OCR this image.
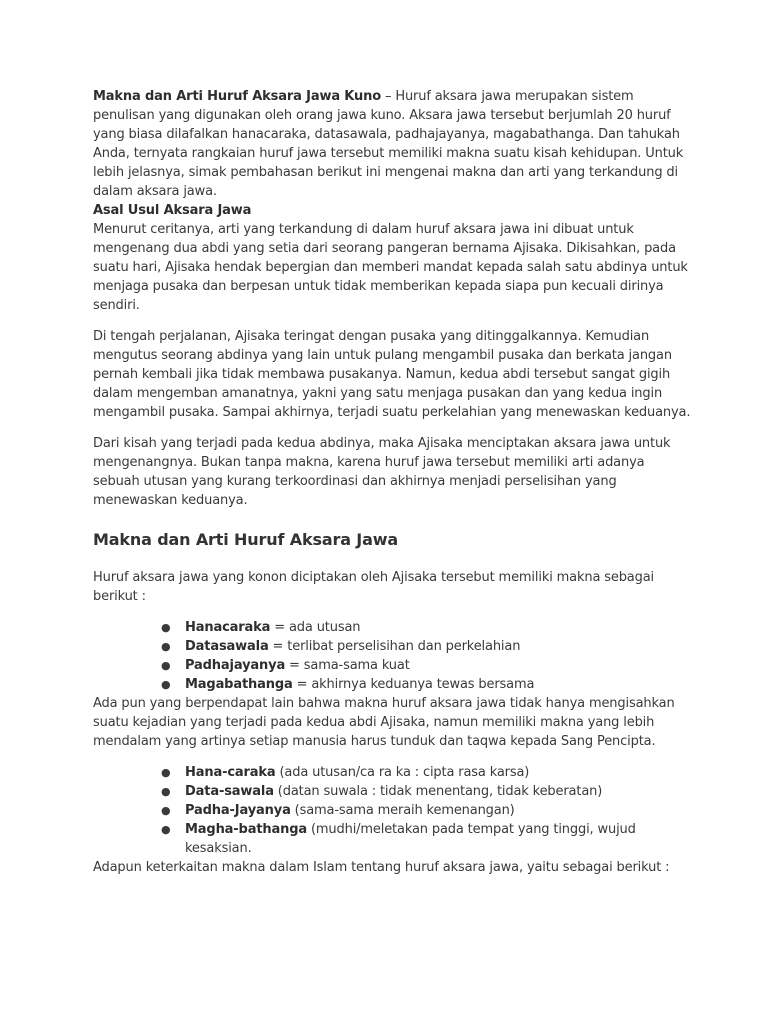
Makna dan Arti Huruf Aksara Jawa Kuno – Huruf aksara jawa merupakan sistem penulisan yang digunakan oleh orang jawa kuno. Aksara jawa tersebut berjumlah 20 huruf yang biasa dilafalkan hanacaraka, datasawala, padhajayanya, magabathanga. Dan tahukah Anda, ternyata rangkaian huruf jawa tersebut memiliki makna suatu kisah kehidupan. Untuk lebih jelasnya, simak pembahasan berikut ini mengenai makna dan arti yang terkandung di dalam aksara jawa.

Asal Usul Aksara Jawa

Menurut ceritanya, arti yang terkandung di dalam huruf aksara jawa ini dibuat untuk mengenang dua abdi yang setia dari seorang pangeran bernama Ajisaka. Dikisahkan, pada suatu hari, Ajisaka hendak bepergian dan memberi mandat kepada salah satu abdinya untuk menjaga pusaka dan berpesan untuk tidak memberikan kepada siapa pun kecuali dirinya sendiri.

Di tengah perjalanan, Ajisaka teringat dengan pusaka yang ditinggalkannya. Kemudian mengutus seorang abdinya yang lain untuk pulang mengambil pusaka dan berkata jangan pernah kembali jika tidak membawa pusakanya. Namun, kedua abdi tersebut sangat gigih dalam mengemban amanatnya, yakni yang satu menjaga pusakan dan yang kedua ingin mengambil pusaka. Sampai akhirnya, terjadi suatu perkelahian yang menewaskan keduanya.

Dari kisah yang terjadi pada kedua abdinya, maka Ajisaka menciptakan aksara jawa untuk mengenangnya. Bukan tanpa makna, karena huruf jawa tersebut memiliki arti adanya sebuah utusan yang kurang terkoordinasi dan akhirnya menjadi perselisihan yang menewaskan keduanya.

Makna dan Arti Huruf Aksara Jawa

Huruf aksara jawa yang konon diciptakan oleh Ajisaka tersebut memiliki makna sebagai berikut :

● Hanacaraka = ada utusan
● Datasawala = terlibat perselisihan dan perkelahian
● Padhajayanya = sama-sama kuat
● Magabathanga = akhirnya keduanya tewas bersama

Ada pun yang berpendapat lain bahwa makna huruf aksara jawa tidak hanya mengisahkan suatu kejadian yang terjadi pada kedua abdi Ajisaka, namun memiliki makna yang lebih mendalam yang artinya setiap manusia harus tunduk dan taqwa kepada Sang Pencipta.

● Hana-caraka (ada utusan/ca ra ka : cipta rasa karsa)
● Data-sawala (datan suwala : tidak menentang, tidak keberatan)
● Padha-Jayanya (sama-sama meraih kemenangan)
● Magha-bathanga (mudhi/meletakan pada tempat yang tinggi, wujud kesaksian.

Adapun keterkaitan makna dalam Islam tentang huruf aksara jawa, yaitu sebagai berikut :
